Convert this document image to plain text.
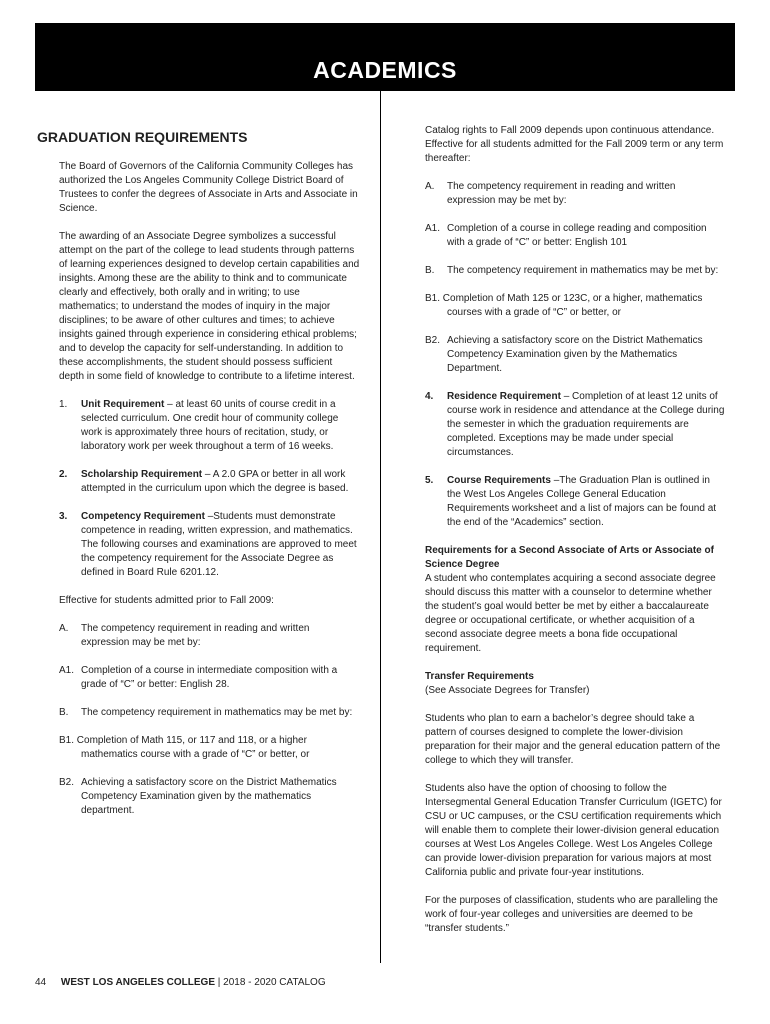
ACADEMICS
GRADUATION REQUIREMENTS

The Board of Governors of the California Community Colleges has authorized the Los Angeles Community College District Board of Trustees to confer the degrees of Associate in Arts and Associate in Science.

The awarding of an Associate Degree symbolizes a successful attempt on the part of the college to lead students through patterns of learning experiences designed to develop certain capabilities and insights. Among these are the ability to think and to communicate clearly and effectively, both orally and in writing; to use mathematics; to understand the modes of inquiry in the major disciplines; to be aware of other cultures and times; to achieve insights gained through experience in considering ethical problems; and to develop the capacity for self-understanding. In addition to these accomplishments, the student should possess sufficient depth in some field of knowledge to contribute to a lifetime interest.

1.	Unit Requirement – at least 60 units of course credit in a selected curriculum. One credit hour of community college work is approximately three hours of recitation, study, or laboratory work per week throughout a term of 16 weeks.
2.	Scholarship Requirement – A 2.0 GPA or better in all work attempted in the curriculum upon which the degree is based.
3.	Competency Requirement –Students must demonstrate competence in reading, written expression, and mathematics. The following courses and examinations are approved to meet the competency requirement for the Associate Degree as defined in Board Rule 6201.12.

Effective for students admitted prior to Fall 2009:

A.	The competency requirement in reading and written expression may be met by:
A1. Completion of a course in intermediate composition with a grade of “C” or better: English 28.
B.	The competency requirement in mathematics may be met by:
B1. Completion of Math 115, or 117 and 118, or a higher mathematics course with a grade of “C” or better, or
B2. Achieving a satisfactory score on the District Mathematics Competency Examination given by the mathematics department.

Catalog rights to Fall 2009 depends upon continuous attendance. Effective for all students admitted for the Fall 2009 term or any term thereafter:

A.	The competency requirement in reading and written expression may be met by:
A1. Completion of a course in college reading and composition with a grade of “C” or better: English 101
B.	The competency requirement in mathematics may be met by:
B1. Completion of Math 125 or 123C, or a higher, mathematics courses with a grade of “C” or better, or
B2. Achieving a satisfactory score on the District Mathematics Competency Examination given by the Mathematics Department.
4.	Residence Requirement – Completion of at least 12 units of course work in residence and attendance at the College during the semester in which the graduation requirements are completed. Exceptions may be made under special circumstances.
5.	Course Requirements –The Graduation Plan is outlined in the West Los Angeles College General Education Requirements worksheet and a list of majors can be found at the end of the “Academics” section.
Requirements for a Second Associate of Arts or Associate of Science Degree

A student who contemplates acquiring a second associate degree should discuss this matter with a counselor to determine whether the student’s goal would better be met by either a baccalaureate degree or occupational certificate, or whether acquisition of a second associate degree meets a bona fide occupational requirement.

Transfer Requirements

(See Associate Degrees for Transfer)

Students who plan to earn a bachelor’s degree should take a pattern of courses designed to complete the lower-division preparation for their major and the general education pattern of the college to which they will transfer.

Students also have the option of choosing to follow the Intersegmental General Education Transfer Curriculum (IGETC) for CSU or UC campuses, or the CSU certification requirements which will enable them to complete their lower-division general education courses at West Los Angeles College. West Los Angeles College can provide lower-division preparation for various majors at most California public and private four-year institutions.

For the purposes of classification, students who are paralleling the work of four-year colleges and universities are deemed to be “transfer students.”

44 WEST LOS ANGELES COLLEGE | 2018 - 2020 CATALOG
